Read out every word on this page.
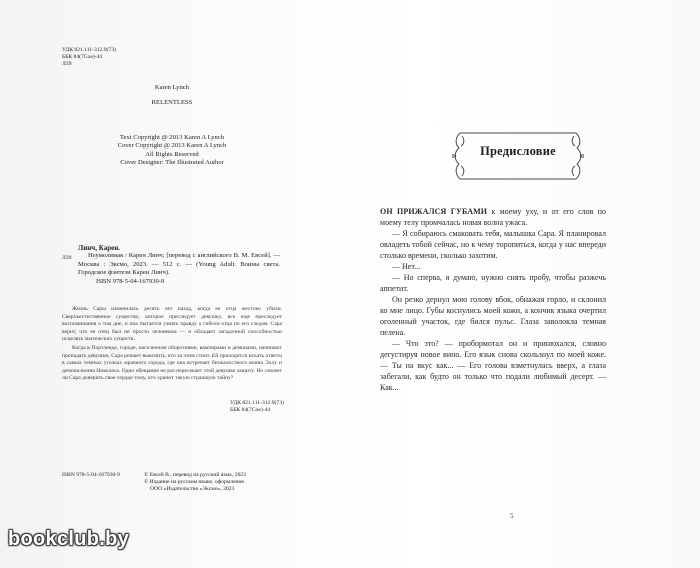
УДК 821.111-312.9(73)
ББК 84(7Сое)-44
Л39
Karen Lynch
RELENTLESS
Text Copyright @ 2013 Karen A Lynch
Cover Copyright @ 2013 Karen A Lynch
All Rights Reserved
Cover Designer: The Illustrated Author
Л39
Линч, Карен.
Неумолимая / Карен Линч; [перевод с английского В. М. Евсей]. — Москва : Эксмо, 2023. — 512 с. — (Young Adult. Воины света. Городское фэнтези Карен Линч).
ISBN 978-5-04-167930-9

Жизнь Сары изменилась десять лет назад, когда ее отца жестоко убили. Сверхъестественное существо, которое преследует девушку, все еще преследует воспоминания о том дне, и она пытается узнать правду о гибели отца по его следам. Сара верит, что ее отец был не просто человеком — и обладает загадочной способностью исцелять магических существ.

Когда в Портленде, городе, населенном оборотнями, вампирами и демонами, начинают пропадать девушки, Сара решает выяснить, кто за этим стоит. Ей приходится искать ответы в самых темных уголках мрачного города, где она встречает безжалостного воина Эллу и демона-воина Николаса. Одно обещание не раз пересекает этой девушке защиту. Но сможет ли Сара доверить свое сердце тому, кто хранит такую страшную тайну?

УДК 821.111-312.9(73)
ББК 84(7Сое)-44
ISBN 978-5-04-167930-9	© Евсей В., перевод на русский язык, 2023
© Издание на русском языке, оформление.
ООО «Издательство «Эксмо», 2023
bookclub.by
Предисловие

ОН ПРИЖАЛСЯ ГУБАМИ к моему уху, и от его слов по моему телу промчалась новая волна ужаса.

— Я собираюсь смаковать тебя, малышка Сара. Я планировал овладеть тобой сейчас, но к чему торопиться, когда у нас впереди столько времени, сколько захотим.

— Нет...

— Но сперва, я думаю, нужно снять пробу, чтобы разжечь аппетит.

Он резко дернул мою голову вбок, обнажая горло, и склонил ко мне лицо. Губы коснулись моей кожи, а кончик языка очертил оголенный участок, где бился пульс. Глаза заволокла темная пелена.

— Что это? — пробормотал он и принюхался, словно дегустируя новое вино. Его язык снова скользнул по моей коже. — Ты на вкус как... — Его голова взметнулась вверх, а глаза забегали, как будто он только что подали любимый десерт. — Как...

5
